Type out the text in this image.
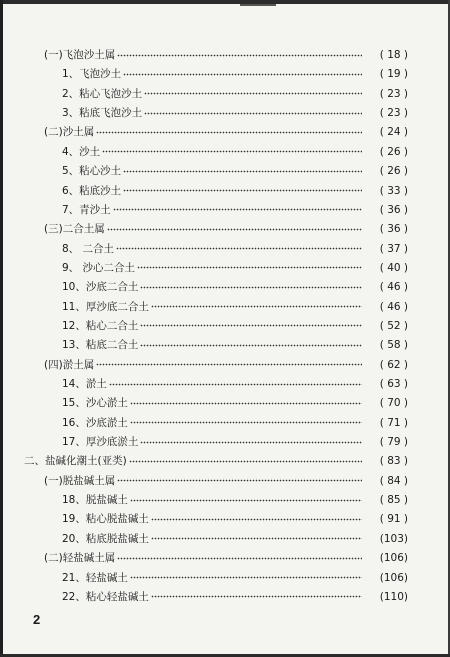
(一)飞泡沙土属	( 18 )
1、飞泡沙土	( 19 )
2、粘心飞泡沙土	( 23 )
3、粘底飞泡沙土	( 23 )
(二)沙土属	( 24 )
4、沙土	( 26 )
5、粘心沙土	( 26 )
6、粘底沙土	( 33 )
7、青沙土	( 36 )
(三)二合土属	( 36 )
8、 二合土	( 37 )
9、 沙心二合土	( 40 )
10、沙底二合土	( 46 )
11、厚沙底二合土	( 46 )
12、粘心二合土	( 52 )
13、粘底二合土	( 58 )
(四)淤土属	( 62 )
14、淤土	( 63 )
15、沙心淤土	( 70 )
16、沙底淤土	( 71 )
17、厚沙底淤土	( 79 )
二、盐碱化潮土(亚类)	( 83 )
(一)脱盐碱土属	( 84 )
18、脱盐碱土	( 85 )
19、粘心脱盐碱土	( 91 )
20、粘底脱盐碱土	(103)
(二)轻盐碱土属	(106)
21、轻盐碱土	(106)
22、粘心轻盐碱土	(110)
2
